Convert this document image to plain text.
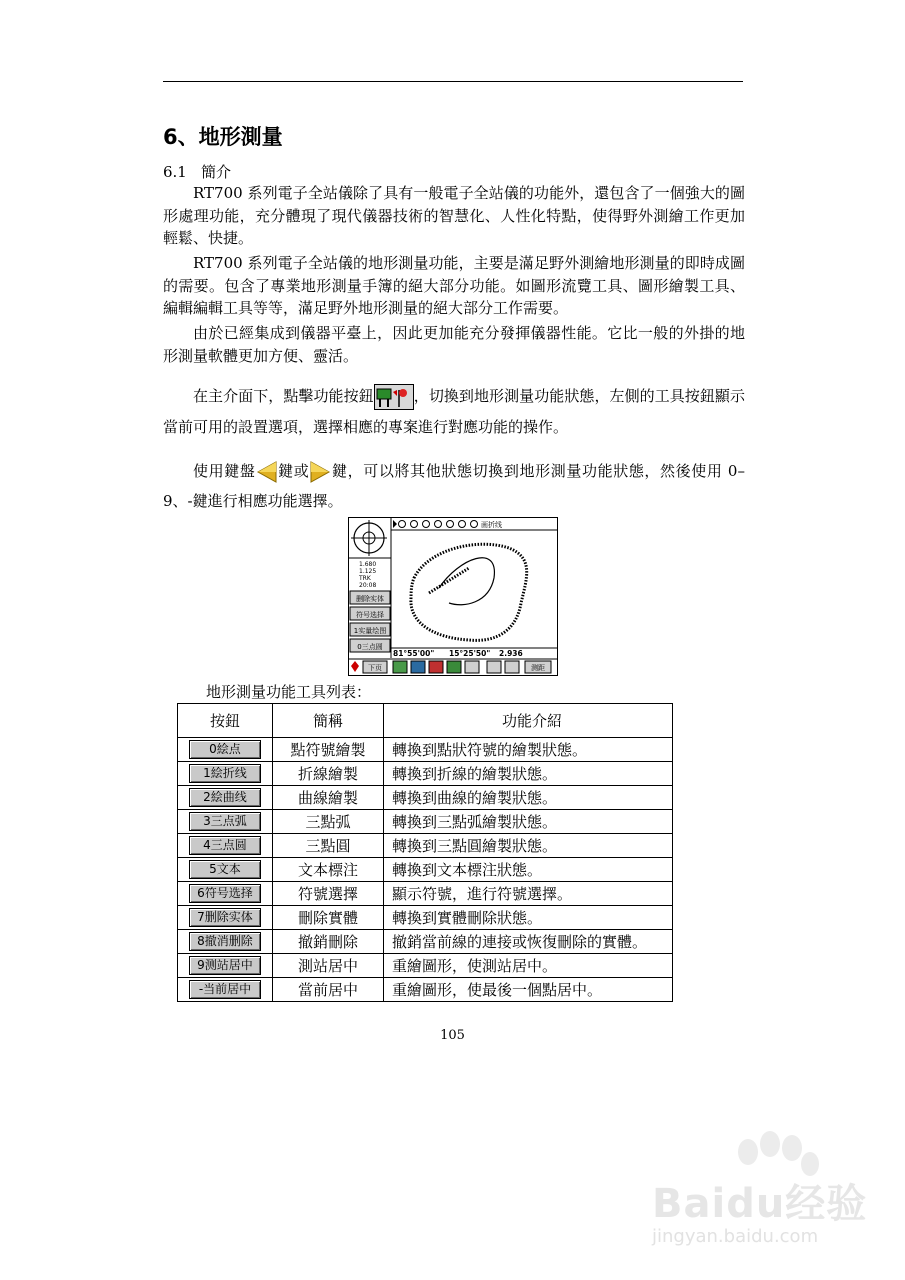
6、地形測量
6.1 簡介
RT700 系列電子全站儀除了具有一般電子全站儀的功能外，還包含了一個強大的圖形處理功能，充分體現了現代儀器技術的智慧化、人性化特點，使得野外測繪工作更加輕鬆、快捷。
RT700 系列電子全站儀的地形測量功能，主要是滿足野外測繪地形測量的即時成圖的需要。包含了專業地形測量手簿的絕大部分功能。如圖形流覽工具、圖形繪製工具、編輯編輯工具等等，滿足野外地形測量的絕大部分工作需要。
由於已經集成到儀器平臺上，因此更加能充分發揮儀器性能。它比一般的外掛的地形測量軟體更加方便、靈活。
在主介面下，點擊功能按鈕	，切換到地形測量功能狀態，左側的工具按鈕顯示當前可用的設置選項，選擇相應的專案進行對應功能的操作。
使用鍵盤 鍵或 鍵，可以將其他狀態切換到地形測量功能狀態，然後使用 0–9、-鍵進行相應功能選擇。
1.680
1.125
TRK
20:08
删除实体
符号选择
1实量绘图
0三点圆
画折线
81°55'00" 15°25'50" 2.936
下页	测距
地形測量功能工具列表：
按鈕	簡稱	功能介紹
0絵点	點符號繪製	轉換到點狀符號的繪製狀態。
1絵折线	折線繪製	轉換到折線的繪製狀態。
2絵曲线	曲線繪製	轉換到曲線的繪製狀態。
3三点弧	三點弧	轉換到三點弧繪製狀態。
4三点圆	三點圓	轉換到三點圓繪製狀態。
5文本	文本標注	轉換到文本標注狀態。
6符号选择	符號選擇	顯示符號，進行符號選擇。
7删除实体	刪除實體	轉換到實體刪除狀態。
8撤消删除	撤銷刪除	撤銷當前線的連接或恢復刪除的實體。
9测站居中	測站居中	重繪圖形，使測站居中。
-当前居中	當前居中	重繪圖形，使最後一個點居中。
105
Baidu经验
jingyan.baidu.com
